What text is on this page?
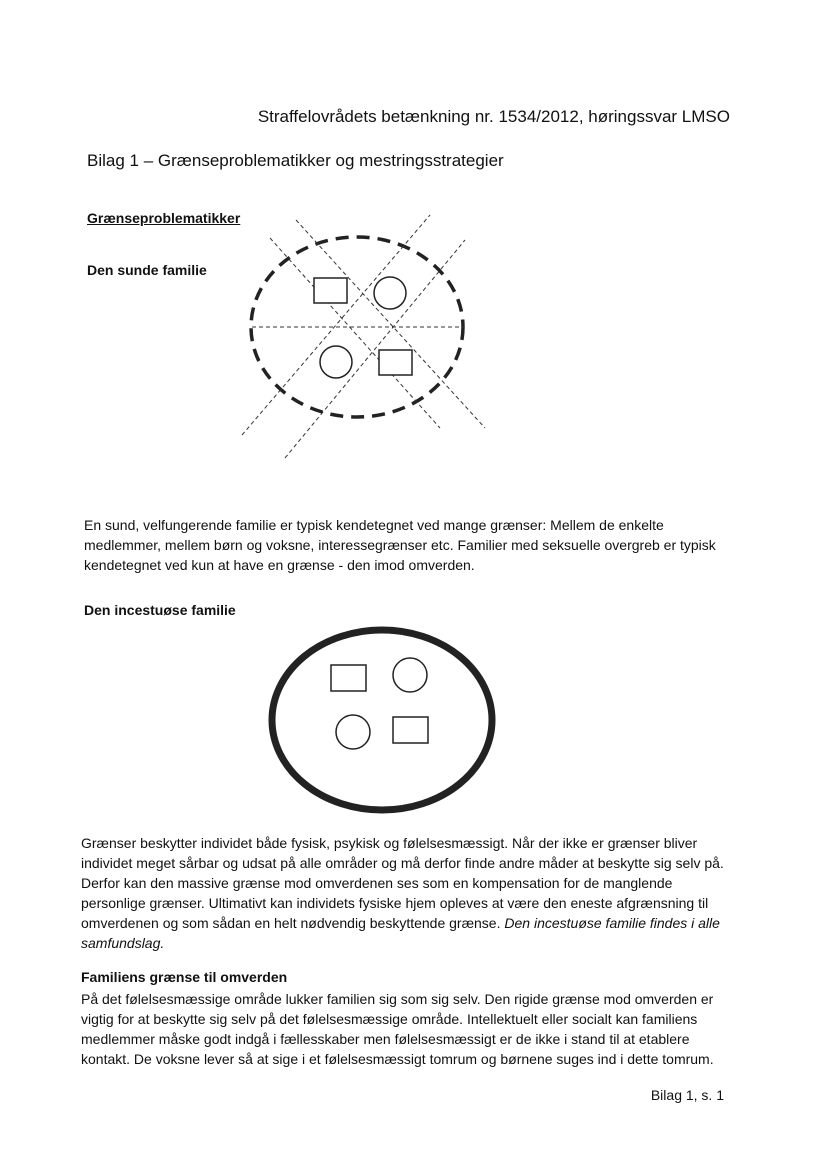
Straffelovrådets betænkning nr. 1534/2012, høringssvar LMSO
Bilag 1 – Grænseproblematikker og mestringsstrategier
Grænseproblematikker
Den sunde familie
En sund, velfungerende familie er typisk kendetegnet ved mange grænser: Mellem de enkelte medlemmer, mellem børn og voksne, interessegrænser etc. Familier med seksuelle overgreb er typisk kendetegnet ved kun at have en grænse - den imod omverden.
Den incestuøse familie
Grænser beskytter individet både fysisk, psykisk og følelsesmæssigt. Når der ikke er grænser bliver individet meget sårbar og udsat på alle områder og må derfor finde andre måder at beskytte sig selv på. Derfor kan den massive grænse mod omverdenen ses som en kompensation for de manglende personlige grænser. Ultimativt kan individets fysiske hjem opleves at være den eneste afgrænsning til omverdenen og som sådan en helt nødvendig beskyttende grænse. Den incestuøse familie findes i alle samfundslag.
Familiens grænse til omverden
På det følelsesmæssige område lukker familien sig som sig selv. Den rigide grænse mod omverden er vigtig for at beskytte sig selv på det følelsesmæssige område. Intellektuelt eller socialt kan familiens medlemmer måske godt indgå i fællesskaber men følelsesmæssigt er de ikke i stand til at etablere kontakt. De voksne lever så at sige i et følelsesmæssigt tomrum og børnene suges ind i dette tomrum.
Bilag 1, s. 1
